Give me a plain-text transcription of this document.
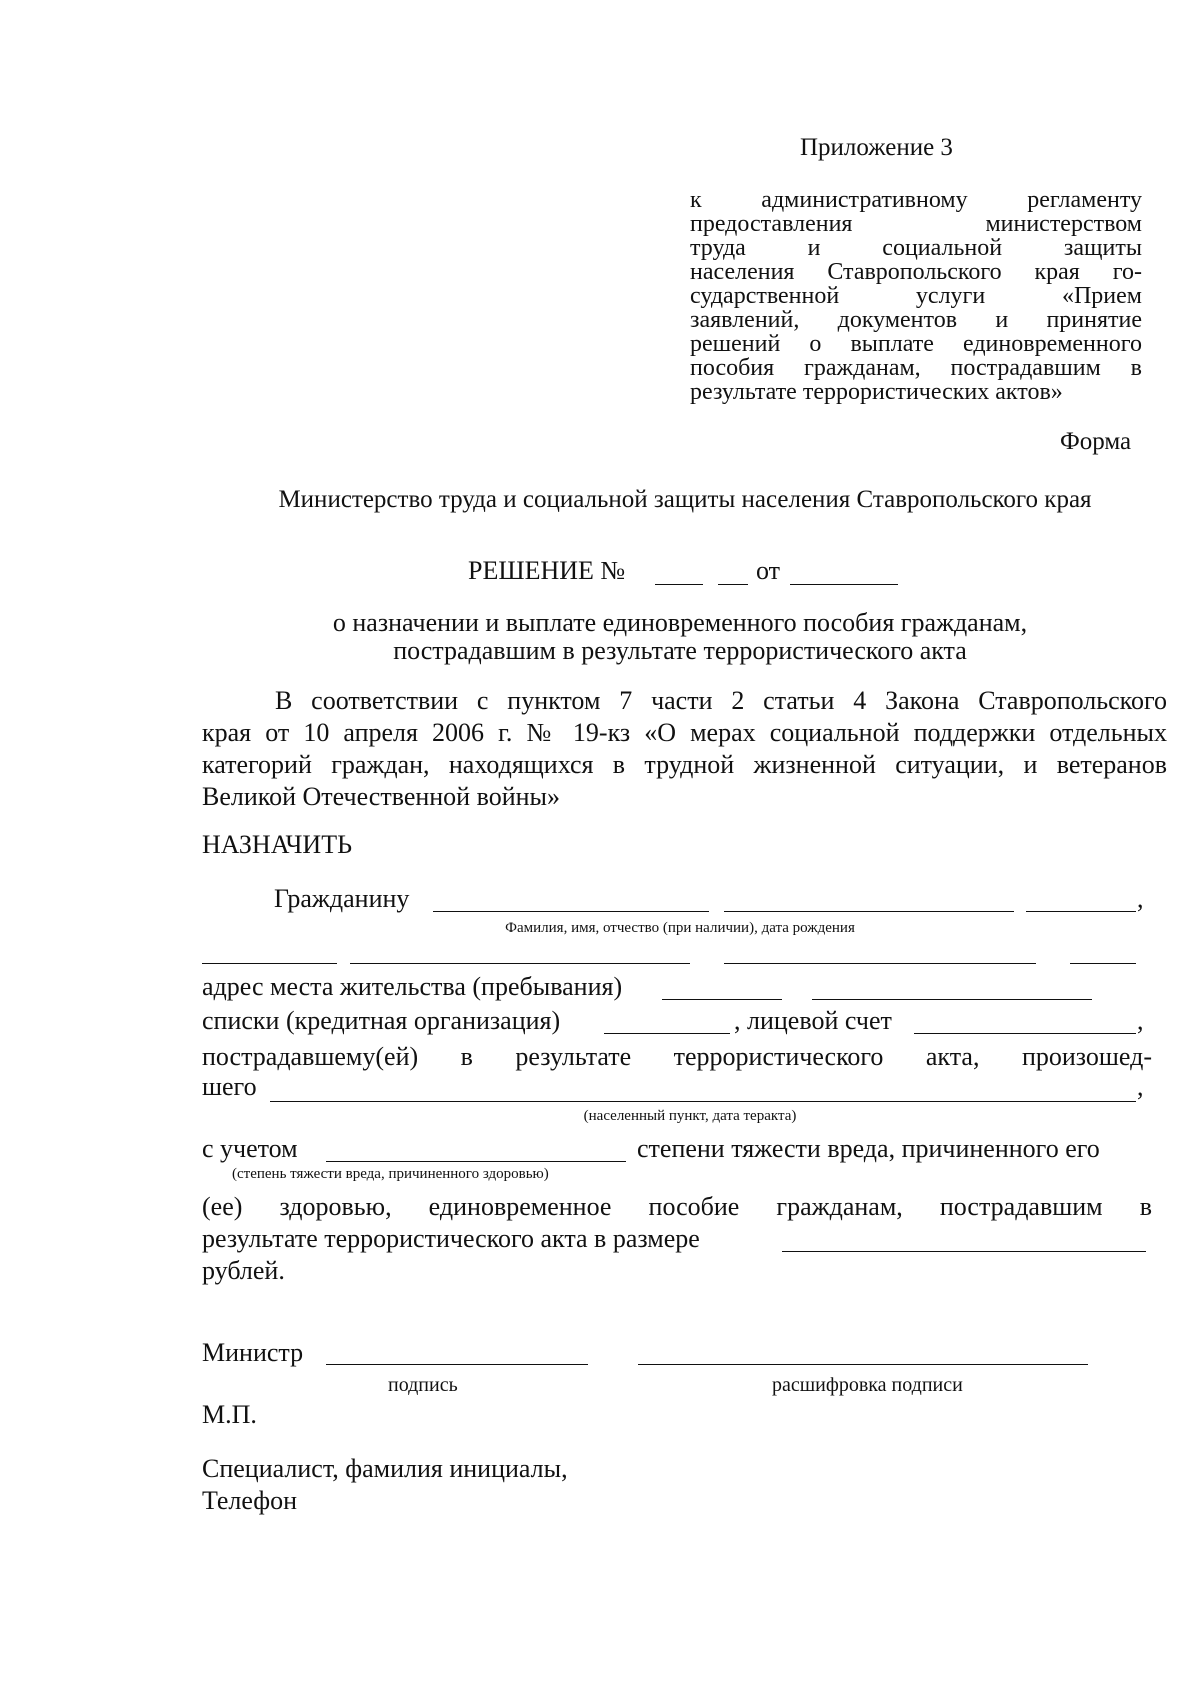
Приложение 3
к административному регламенту
предоставления министерством
труда и социальной защиты
населения Ставропольского края го-
сударственной услуги «Прием
заявлений, документов и принятие
решений о выплате единовременного
пособия гражданам, пострадавшим в
результате террористических актов»
Форма
Министерство труда и социальной защиты населения Ставропольского края
РЕШЕНИЕ №	от
о назначении и выплате единовременного пособия гражданам,
пострадавшим в результате террористического акта
В соответствии с пунктом 7 части 2 статьи 4 Закона Ставропольского
края от 10 апреля 2006 г. № 19-кз «О мерах социальной поддержки отдельных
категорий граждан, находящихся в трудной жизненной ситуации, и ветеранов
Великой Отечественной войны»
НАЗНАЧИТЬ
Гражданину	,
Фамилия, имя, отчество (при наличии), дата рождения
адрес места жительства (пребывания)
списки (кредитная организация)	, лицевой счет	,
пострадавшему(ей) в результате террористического акта, произошед-
шего	,
(населенный пункт, дата теракта)
с учетом	степени тяжести вреда, причиненного его
(степень тяжести вреда, причиненного здоровью)
(ее) здоровью, единовременное пособие гражданам, пострадавшим в
результате террористического акта в размере
рублей.
Министр
подпись	расшифровка подписи
М.П.
Специалист, фамилия инициалы,
Телефон
